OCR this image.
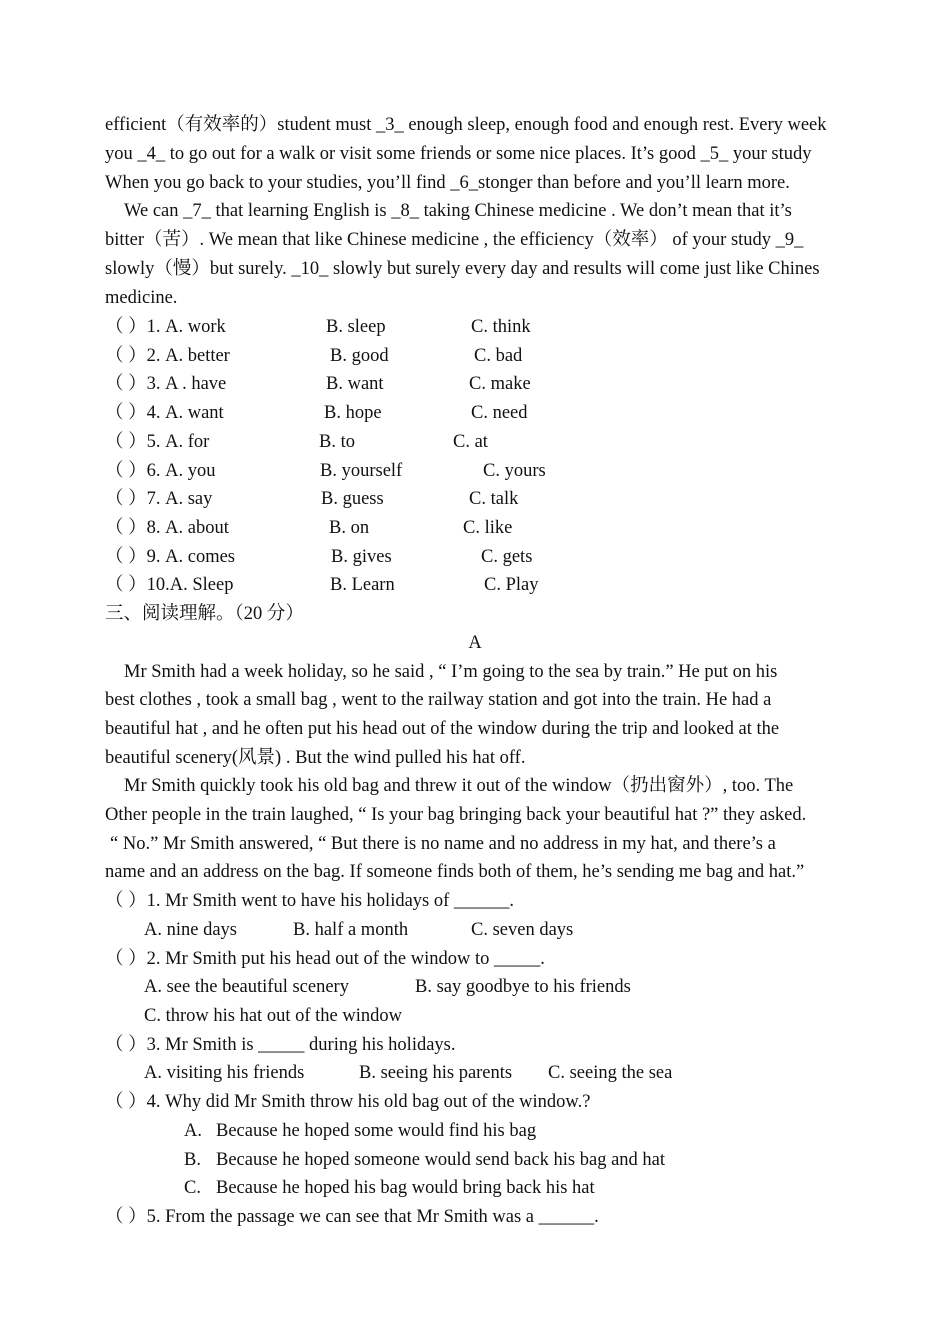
efficient（有效率的）student must _3_ enough sleep, enough food and enough rest. Every week
you _4_ to go out for a walk or visit some friends or some nice places. It’s good _5_ your study
When you go back to your studies, you’ll find _6_stonger than before and you’ll learn more.
We can _7_ that learning English is _8_ taking Chinese medicine . We don’t mean that it’s
bitter（苦）. We mean that like Chinese medicine , the efficiency（效率） of your study _9_
slowly（慢）but surely. _10_ slowly but surely every day and results will come just like Chines
medicine.
（ ）1. A. work	B. sleep	C. think
（ ）2. A. better	B. good	C. bad
（ ）3. A . have	B. want	C. make
（ ）4. A. want	B. hope	C. need
（ ）5. A. for	B. to	C. at
（ ）6. A. you	B. yourself	C. yours
（ ）7. A. say	B. guess	C. talk
（ ）8. A. about	B. on	C. like
（ ）9. A. comes	B. gives	C. gets
（ ）10.A. Sleep	B. Learn	C. Play
三、阅读理解。（20 分）
A
Mr Smith had a week holiday, so he said , “ I’m going to the sea by train.” He put on his
best clothes , took a small bag , went to the railway station and got into the train. He had a
beautiful hat , and he often put his head out of the window during the trip and looked at the
beautiful scenery(风景) . But the wind pulled his hat off.
Mr Smith quickly took his old bag and threw it out of the window（扔出窗外）, too. The
Other people in the train laughed, “ Is your bag bringing back your beautiful hat ?” they asked.
“ No.” Mr Smith answered, “ But there is no name and no address in my hat, and there’s a
name and an address on the bag. If someone finds both of them, he’s sending me bag and hat.”
（ ）1. Mr Smith went to have his holidays of ______.
A. nine days	B. half a month	C. seven days
（ ）2. Mr Smith put his head out of the window to _____.
A. see the beautiful scenery	B. say goodbye to his friends
C. throw his hat out of the window
（ ）3. Mr Smith is _____ during his holidays.
A. visiting his friends	B. seeing his parents C. seeing the sea
（ ）4. Why did Mr Smith throw his old bag out of the window.?
A. Because he hoped some would find his bag
B. Because he hoped someone would send back his bag and hat
C. Because he hoped his bag would bring back his hat
（ ）5. From the passage we can see that Mr Smith was a ______.
